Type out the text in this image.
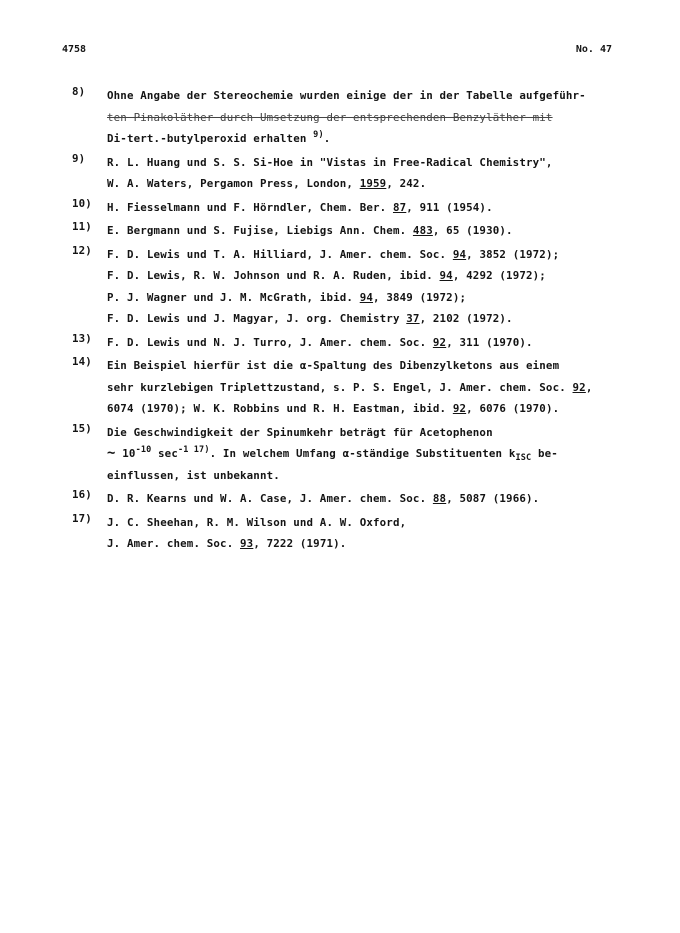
4758	No. 47
8)	Ohne Angabe der Stereochemie wurden einige der in der Tabelle aufgeführ-
ten Pinakoläther durch Umsetzung der entsprechenden Benzyläther mit
Di-tert.-butylperoxid erhalten $^{9)}$.
9)	R. L. Huang und S. S. Si-Hoe in "Vistas in Free-Radical Chemistry",
W. A. Waters, Pergamon Press, London, 1959, 242.
10)	H. Fiesselmann und F. Hörndler, Chem. Ber. 87, 911 (1954).
11)	E. Bergmann und S. Fujise, Liebigs Ann. Chem. 483, 65 (1930).
12)	F. D. Lewis und T. A. Hilliard, J. Amer. chem. Soc. 94, 3852 (1972);
F. D. Lewis, R. W. Johnson und R. A. Ruden, ibid. 94, 4292 (1972);
P. J. Wagner und J. M. McGrath, ibid. 94, 3849 (1972);
F. D. Lewis und J. Magyar, J. org. Chemistry 37, 2102 (1972).
13)	F. D. Lewis und N. J. Turro, J. Amer. chem. Soc. 92, 311 (1970).
14)	Ein Beispiel hierfür ist die α-Spaltung des Dibenzylketons aus einem
sehr kurzlebigen Triplettzustand, s. P. S. Engel, J. Amer. chem. Soc. 92,
6074 (1970); W. K. Robbins und R. H. Eastman, ibid. 92, 6076 (1970).
15)	Die Geschwindigkeit der Spinumkehr beträgt für Acetophenon
∼ $10^{-10}$ $\sec^{-1 17)}$. In welchem Umfang α-ständige Substituenten $k_{ISC}$ be-
einflussen, ist unbekannt.
16)	D. R. Kearns und W. A. Case, J. Amer. chem. Soc. 88, 5087 (1966).
17)	J. C. Sheehan, R. M. Wilson und A. W. Oxford,
J. Amer. chem. Soc. 93, 7222 (1971).
